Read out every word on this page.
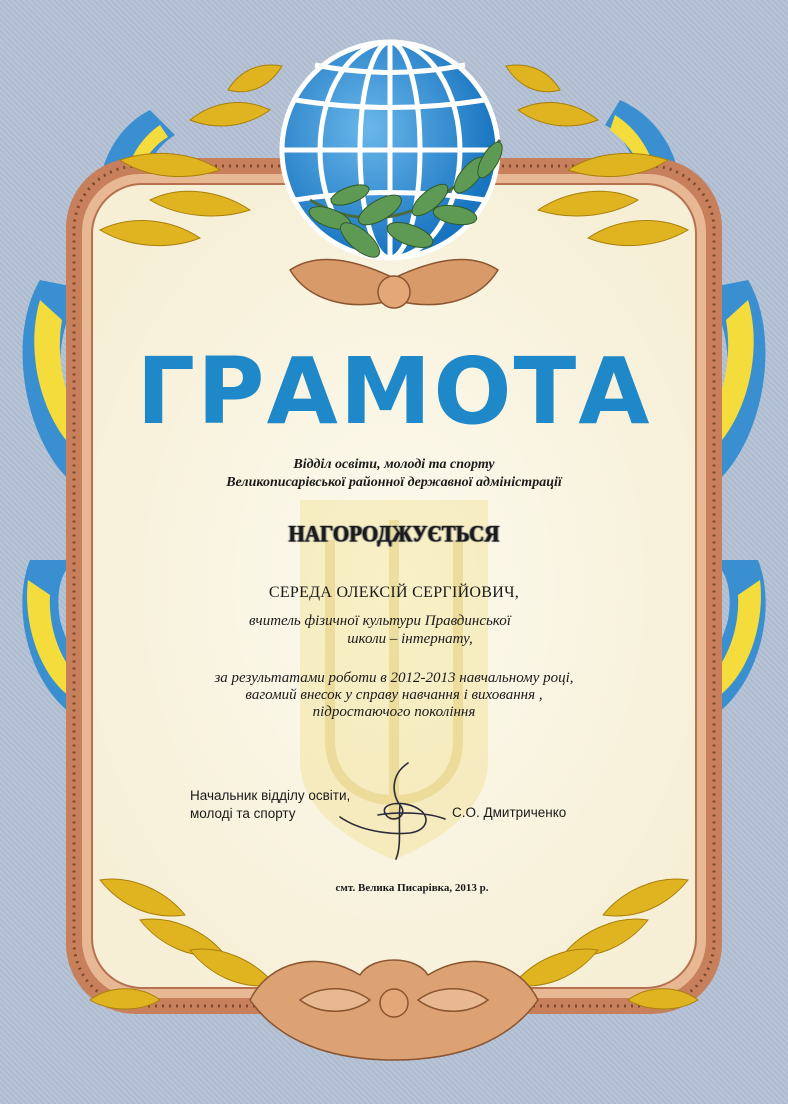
ГРАМОТА
Відділ освіти, молоді та спорту
Великописарівської районної державної адміністрації
НАГОРОДЖУЄТЬСЯ
СЕРЕДА ОЛЕКСІЙ СЕРГІЙОВИЧ,
вчитель фізичної культури Правдинської
школи – інтернату,
за результатами роботи в 2012-2013 навчальному році,
вагомий внесок у справу навчання і виховання ,
підростаючого покоління
Начальник відділу освіти,
молоді та спорту	С.О. Дмитриченко
смт. Велика Писарівка, 2013 р.
